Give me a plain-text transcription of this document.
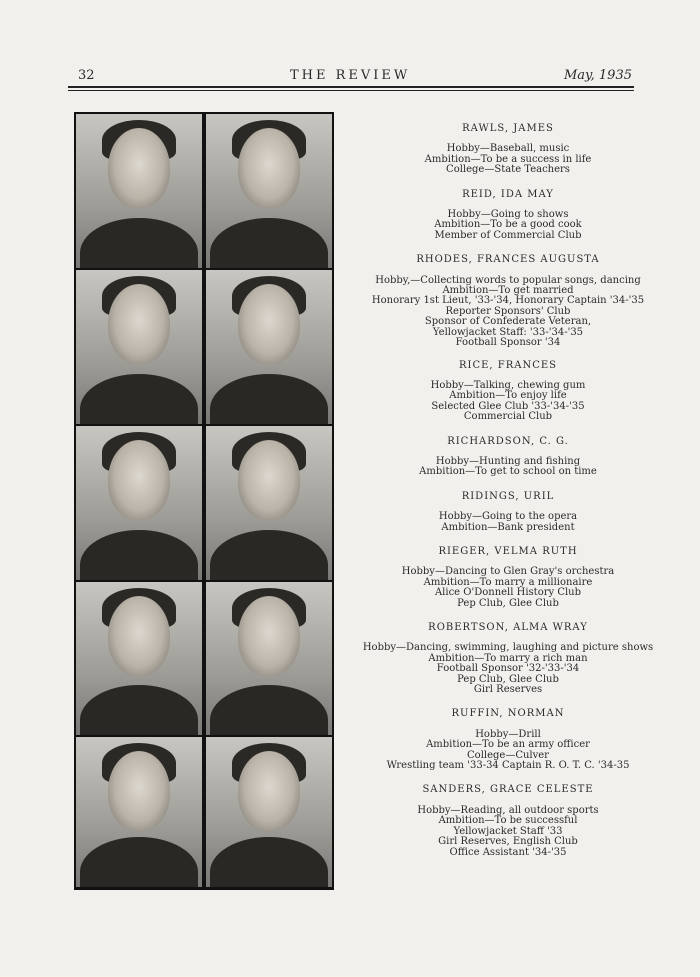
32	THE REVIEW	May, 1935
RAWLS, JAMES
Hobby—Baseball, music
Ambition—To be a success in life
College—State Teachers
REID, IDA MAY
Hobby—Going to shows
Ambition—To be a good cook
Member of Commercial Club
RHODES, FRANCES AUGUSTA
Hobby,—Collecting words to popular songs, dancing
Ambition—To get married
Honorary 1st Lieut, '33-'34, Honorary Captain '34-'35
Reporter Sponsors' Club
Sponsor of Confederate Veteran,
Yellowjacket Staff: '33-'34-'35
Football Sponsor '34
RICE, FRANCES
Hobby—Talking, chewing gum
Ambition—To enjoy life
Selected Glee Club '33-'34-'35
Commercial Club
RICHARDSON, C. G.
Hobby—Hunting and fishing
Ambition—To get to school on time
RIDINGS, URIL
Hobby—Going to the opera
Ambition—Bank president
RIEGER, VELMA RUTH
Hobby—Dancing to Glen Gray's orchestra
Ambition—To marry a millionaire
Alice O'Donnell History Club
Pep Club, Glee Club
ROBERTSON, ALMA WRAY
Hobby—Dancing, swimming, laughing and picture shows
Ambition—To marry a rich man
Football Sponsor '32-'33-'34
Pep Club, Glee Club
Girl Reserves
RUFFIN, NORMAN
Hobby—Drill
Ambition—To be an army officer
College—Culver
Wrestling team '33-34 Captain R. O. T. C. '34-35
SANDERS, GRACE CELESTE
Hobby—Reading, all outdoor sports
Ambition—To be successful
Yellowjacket Staff '33
Girl Reserves, English Club
Office Assistant '34-'35
